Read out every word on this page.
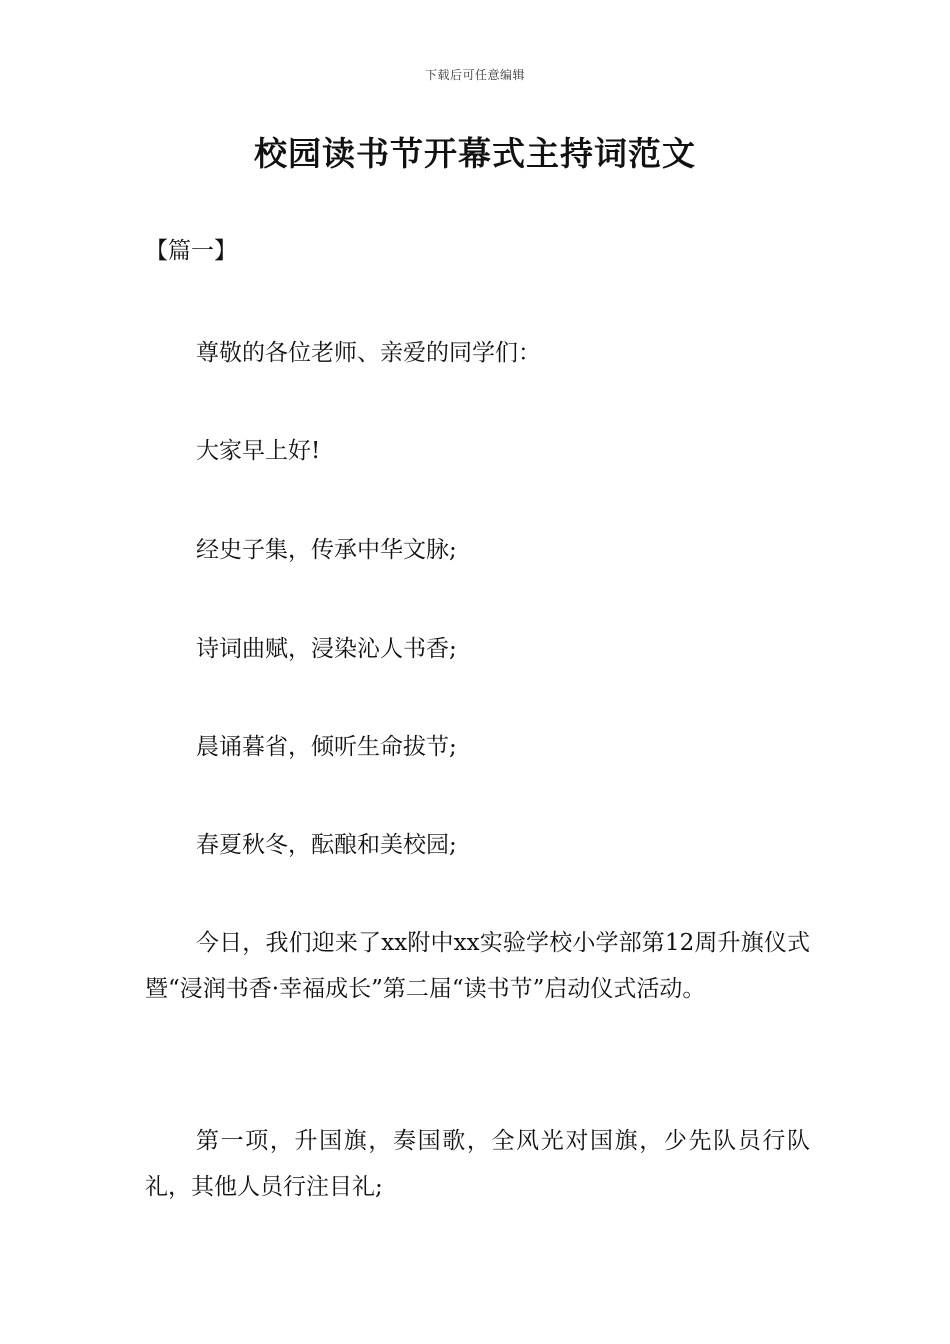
下载后可任意编辑
校园读书节开幕式主持词范文
【篇一】

尊敬的各位老师、亲爱的同学们：

大家早上好!

经史子集，传承中华文脉;

诗词曲赋，浸染沁人书香;

晨诵暮省，倾听生命拔节;

春夏秋冬，酝酿和美校园;

今日，我们迎来了xx附中xx实验学校小学部第12周升旗仪式暨“浸润书香·幸福成长”第二届“读书节”启动仪式活动。

第一项，升国旗，奏国歌，全风光对国旗，少先队员行队礼，其他人员行注目礼;
